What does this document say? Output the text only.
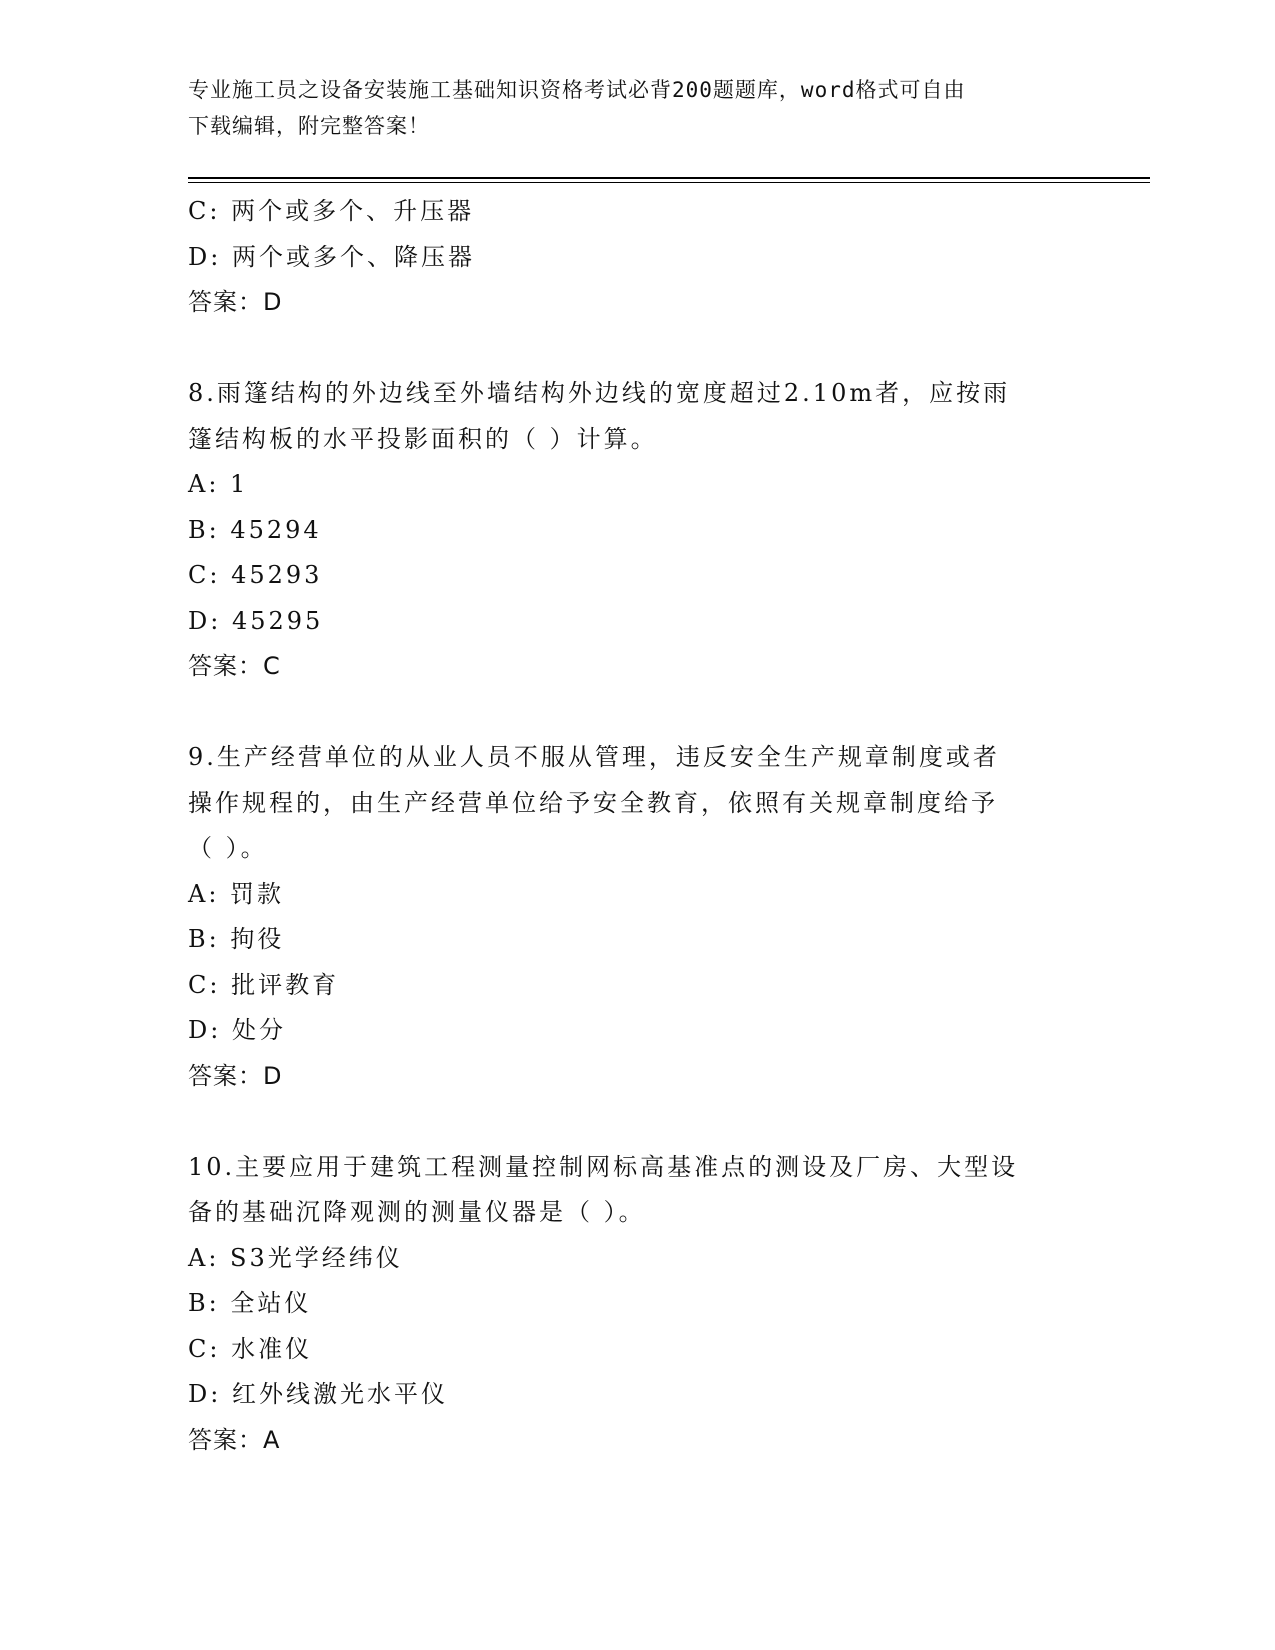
专业施工员之设备安装施工基础知识资格考试必背200题题库，word格式可自由
下载编辑，附完整答案！
C: 两个或多个、升压器
D: 两个或多个、降压器
答案：D
8.雨篷结构的外边线至外墙结构外边线的宽度超过2.10m者，应按雨
篷结构板的水平投影面积的（ ）计算。
A: 1
B: 45294
C: 45293
D: 45295
答案：C
9.生产经营单位的从业人员不服从管理，违反安全生产规章制度或者
操作规程的，由生产经营单位给予安全教育，依照有关规章制度给予
（ ）。
A: 罚款
B: 拘役
C: 批评教育
D: 处分
答案：D
10.主要应用于建筑工程测量控制网标高基准点的测设及厂房、大型设
备的基础沉降观测的测量仪器是（ ）。
A: S3光学经纬仪
B: 全站仪
C: 水准仪
D: 红外线激光水平仪
答案：A
